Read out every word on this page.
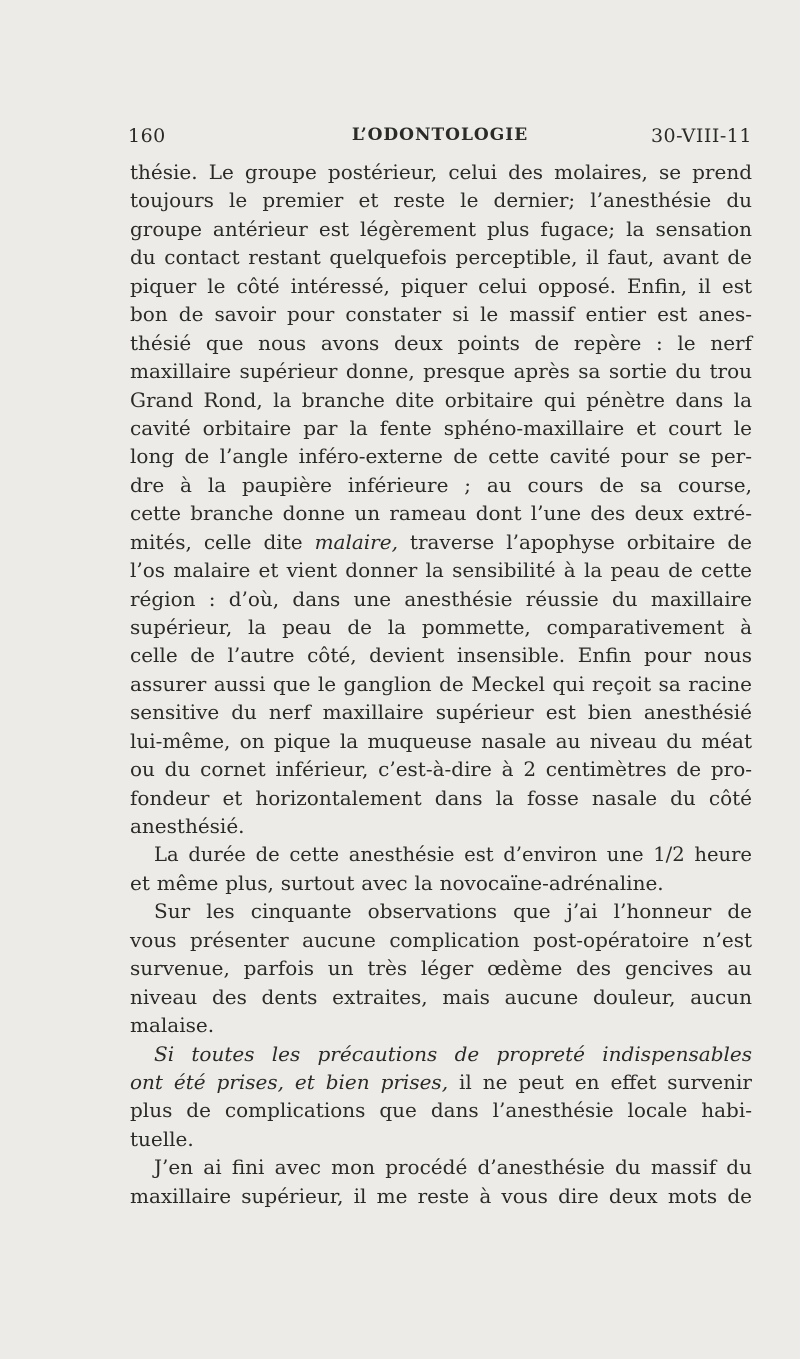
160	L’ODONTOLOGIE	30-VIII-11
thésie. Le groupe postérieur, celui des molaires, se prend
toujours le premier et reste le dernier; l’anesthésie du
groupe antérieur est légèrement plus fugace; la sensation
du contact restant quelquefois perceptible, il faut, avant de
piquer le côté intéressé, piquer celui opposé. Enfin, il est
bon de savoir pour constater si le massif entier est anes-
thésié que nous avons deux points de repère : le nerf
maxillaire supérieur donne, presque après sa sortie du trou
Grand Rond, la branche dite orbitaire qui pénètre dans la
cavité orbitaire par la fente sphéno-maxillaire et court le
long de l’angle inféro-externe de cette cavité pour se per-
dre à la paupière inférieure ; au cours de sa course,
cette branche donne un rameau dont l’une des deux extré-
mités, celle dite malaire, traverse l’apophyse orbitaire de
l’os malaire et vient donner la sensibilité à la peau de cette
région : d’où, dans une anesthésie réussie du maxillaire
supérieur, la peau de la pommette, comparativement à
celle de l’autre côté, devient insensible. Enfin pour nous
assurer aussi que le ganglion de Meckel qui reçoit sa racine
sensitive du nerf maxillaire supérieur est bien anesthésié
lui-même, on pique la muqueuse nasale au niveau du méat
ou du cornet inférieur, c’est-à-dire à 2 centimètres de pro-
fondeur et horizontalement dans la fosse nasale du côté
anesthésié.
La durée de cette anesthésie est d’environ une 1/2 heure
et même plus, surtout avec la novocaïne-adrénaline.
Sur les cinquante observations que j’ai l’honneur de
vous présenter aucune complication post-opératoire n’est
survenue, parfois un très léger œdème des gencives au
niveau des dents extraites, mais aucune douleur, aucun
malaise.
Si toutes les précautions de propreté indispensables
ont été prises, et bien prises, il ne peut en effet survenir
plus de complications que dans l’anesthésie locale habi-
tuelle.
J’en ai fini avec mon procédé d’anesthésie du massif du
maxillaire supérieur, il me reste à vous dire deux mots de
